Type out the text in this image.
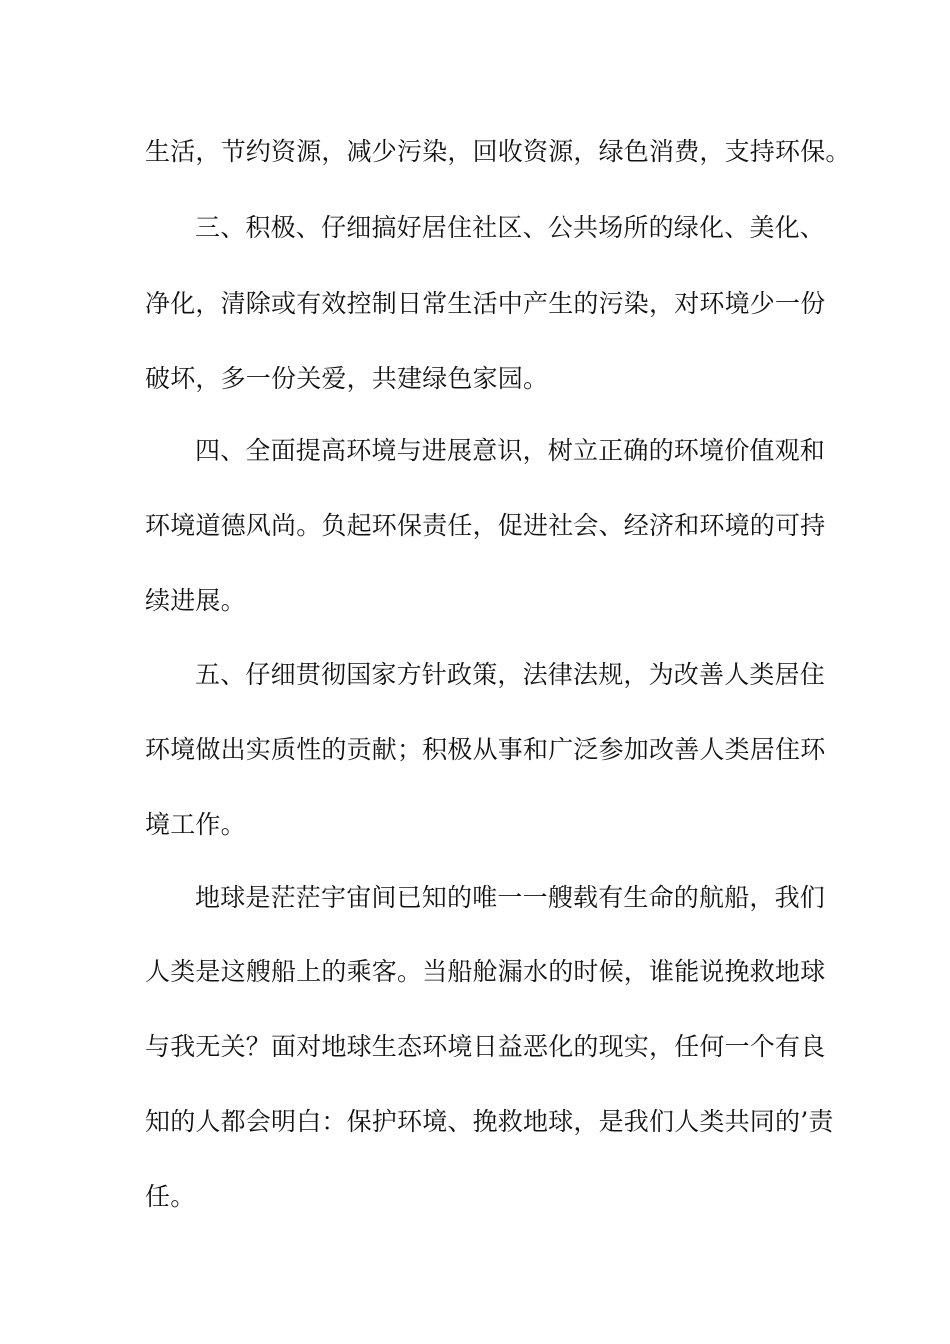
生活，节约资源，减少污染，回收资源，绿色消费，支持环保。
三、积极、仔细搞好居住社区、公共场所的绿化、美化、
净化，清除或有效控制日常生活中产生的污染，对环境少一份
破坏，多一份关爱，共建绿色家园。
四、全面提高环境与进展意识，树立正确的环境价值观和
环境道德风尚。负起环保责任，促进社会、经济和环境的可持
续进展。
五、仔细贯彻国家方针政策，法律法规，为改善人类居住
环境做出实质性的贡献；积极从事和广泛参加改善人类居住环
境工作。
地球是茫茫宇宙间已知的唯一一艘载有生命的航船，我们
人类是这艘船上的乘客。当船舱漏水的时候，谁能说挽救地球
与我无关？面对地球生态环境日益恶化的现实，任何一个有良
知的人都会明白：保护环境、挽救地球，是我们人类共同的’责
任。
